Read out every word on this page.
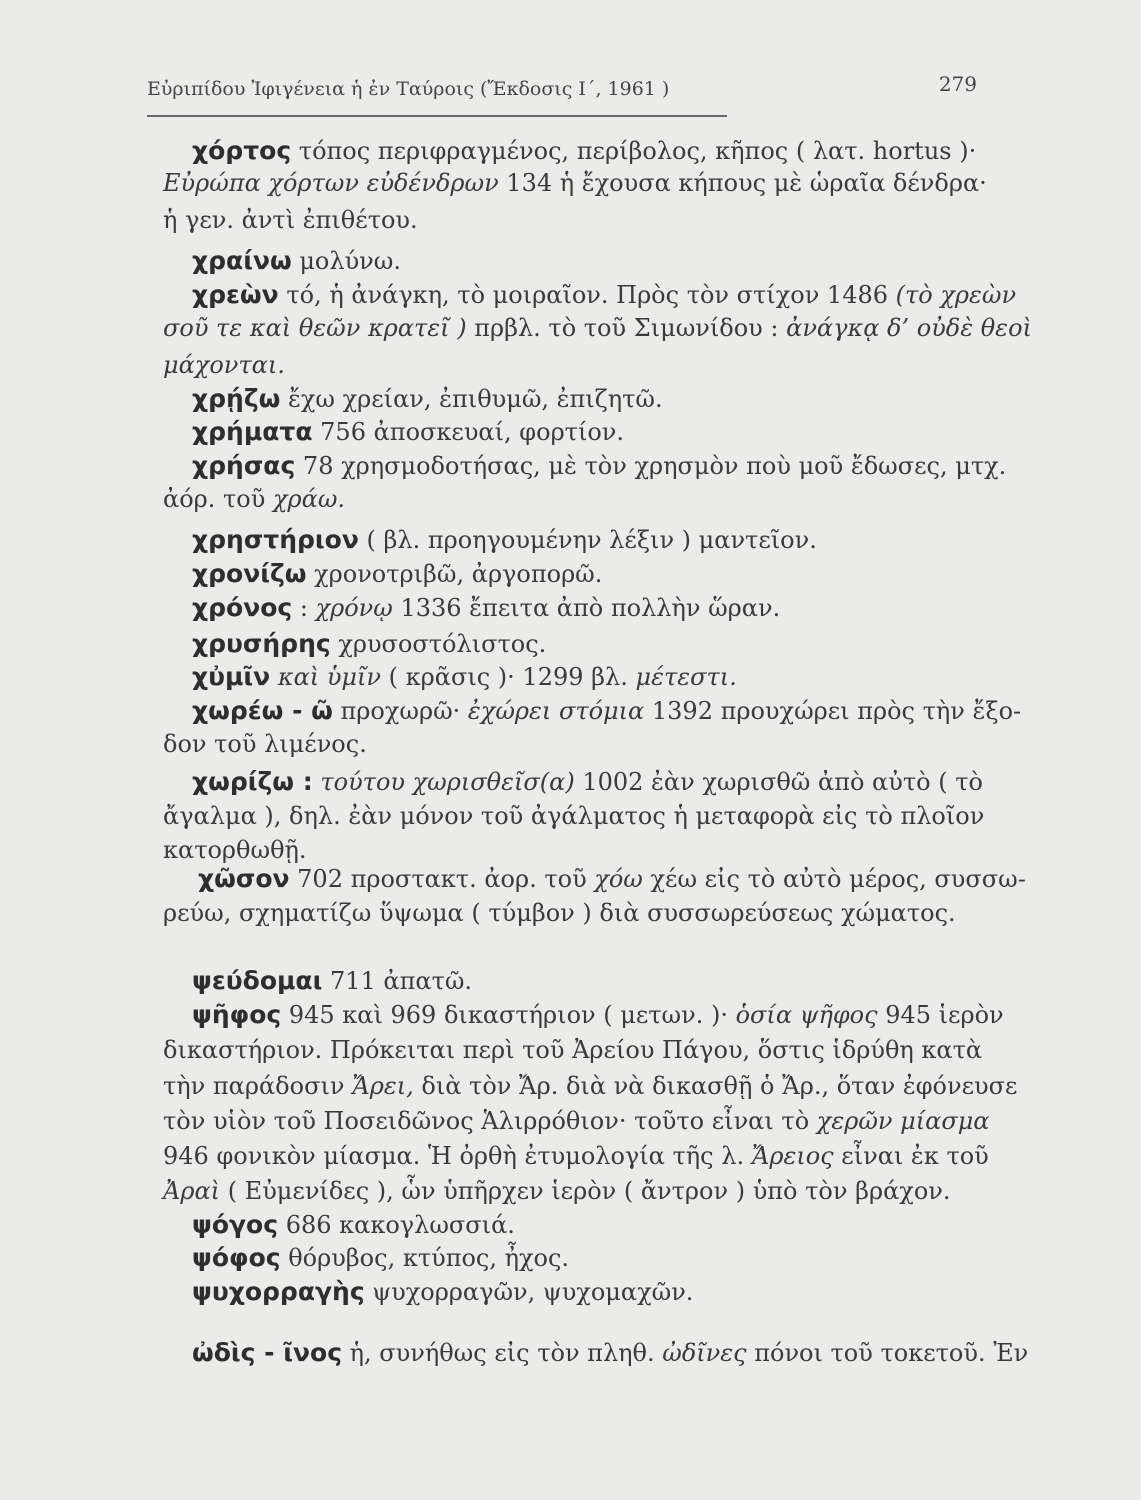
Εὐριπίδου Ἰφιγένεια ἡ ἐν Ταύροις (Ἔκδοσις Ι΄, 1961 )	279
χόρτος τόπος περιφραγμένος, περίβολος, κῆπος ( λατ. hortus )·
Εὐρώπα χόρτων εὐδένδρων 134 ἡ ἔχουσα κήπους μὲ ὡραῖα δένδρα·
ἡ γεν. ἀντὶ ἐπιθέτου.
χραίνω μολύνω.
χρεὼν τό, ἡ ἀνάγκη, τὸ μοιραῖον. Πρὸς τὸν στίχον 1486 (τὸ χρεὼν
σοῦ τε καὶ θεῶν κρατεῖ ) πρβλ. τὸ τοῦ Σιμωνίδου : ἀνάγκᾳ δ’ οὐδὲ θεοὶ
μάχονται.
χρῄζω ἔχω χρείαν, ἐπιθυμῶ, ἐπιζητῶ.
χρήματα 756 ἀποσκευαί, φορτίον.
χρήσας 78 χρησμοδοτήσας, μὲ τὸν χρησμὸν ποὺ μοῦ ἔδωσες, μτχ.
ἀόρ. τοῦ χράω.
χρηστήριον ( βλ. προηγουμένην λέξιν ) μαντεῖον.
χρονίζω χρονοτριβῶ, ἀργοπορῶ.
χρόνος : χρόνῳ 1336 ἔπειτα ἀπὸ πολλὴν ὥραν.
χρυσήρης χρυσοστόλιστος.
χὐμῖν καὶ ὑμῖν ( κρᾶσις )· 1299 βλ. μέτεστι.
χωρέω - ῶ προχωρῶ· ἐχώρει στόμια 1392 προυχώρει πρὸς τὴν ἔξο-
δον τοῦ λιμένος.
χωρίζω : τούτου χωρισθεῖσ(α) 1002 ἐὰν χωρισθῶ ἀπὸ αὐτὸ ( τὸ
ἄγαλμα ), δηλ. ἐὰν μόνον τοῦ ἀγάλματος ἡ μεταφορὰ εἰς τὸ πλοῖον
κατορθωθῇ.
χῶσον 702 προστακτ. ἀορ. τοῦ χόω χέω εἰς τὸ αὐτὸ μέρος, συσσω-
ρεύω, σχηματίζω ὕψωμα ( τύμβον ) διὰ συσσωρεύσεως χώματος.
ψεύδομαι 711 ἀπατῶ.
ψῆφος 945 καὶ 969 δικαστήριον ( μετων. )· ὁσία ψῆφος 945 ἱερὸν
δικαστήριον. Πρόκειται περὶ τοῦ Ἀρείου Πάγου, ὅστις ἱδρύθη κατὰ
τὴν παράδοσιν Ἄρει, διὰ τὸν Ἄρ. διὰ νὰ δικασθῇ ὁ Ἄρ., ὅταν ἐφόνευσε
τὸν υἱὸν τοῦ Ποσειδῶνος Ἁλιρρόθιον· τοῦτο εἶναι τὸ χερῶν μίασμα
946 φονικὸν μίασμα. Ἡ ὀρθὴ ἐτυμολογία τῆς λ. Ἄρειος εἶναι ἐκ τοῦ
Ἀραὶ ( Εὐμενίδες ), ὧν ὑπῆρχεν ἱερὸν ( ἄντρον ) ὑπὸ τὸν βράχον.
ψόγος 686 κακογλωσσιά.
ψόφος θόρυβος, κτύπος, ἦχος.
ψυχορραγὴς ψυχορραγῶν, ψυχομαχῶν.
ὠδὶς - ῖνος ἡ, συνήθως εἰς τὸν πληθ. ὠδῖνες πόνοι τοῦ τοκετοῦ. Ἐν
